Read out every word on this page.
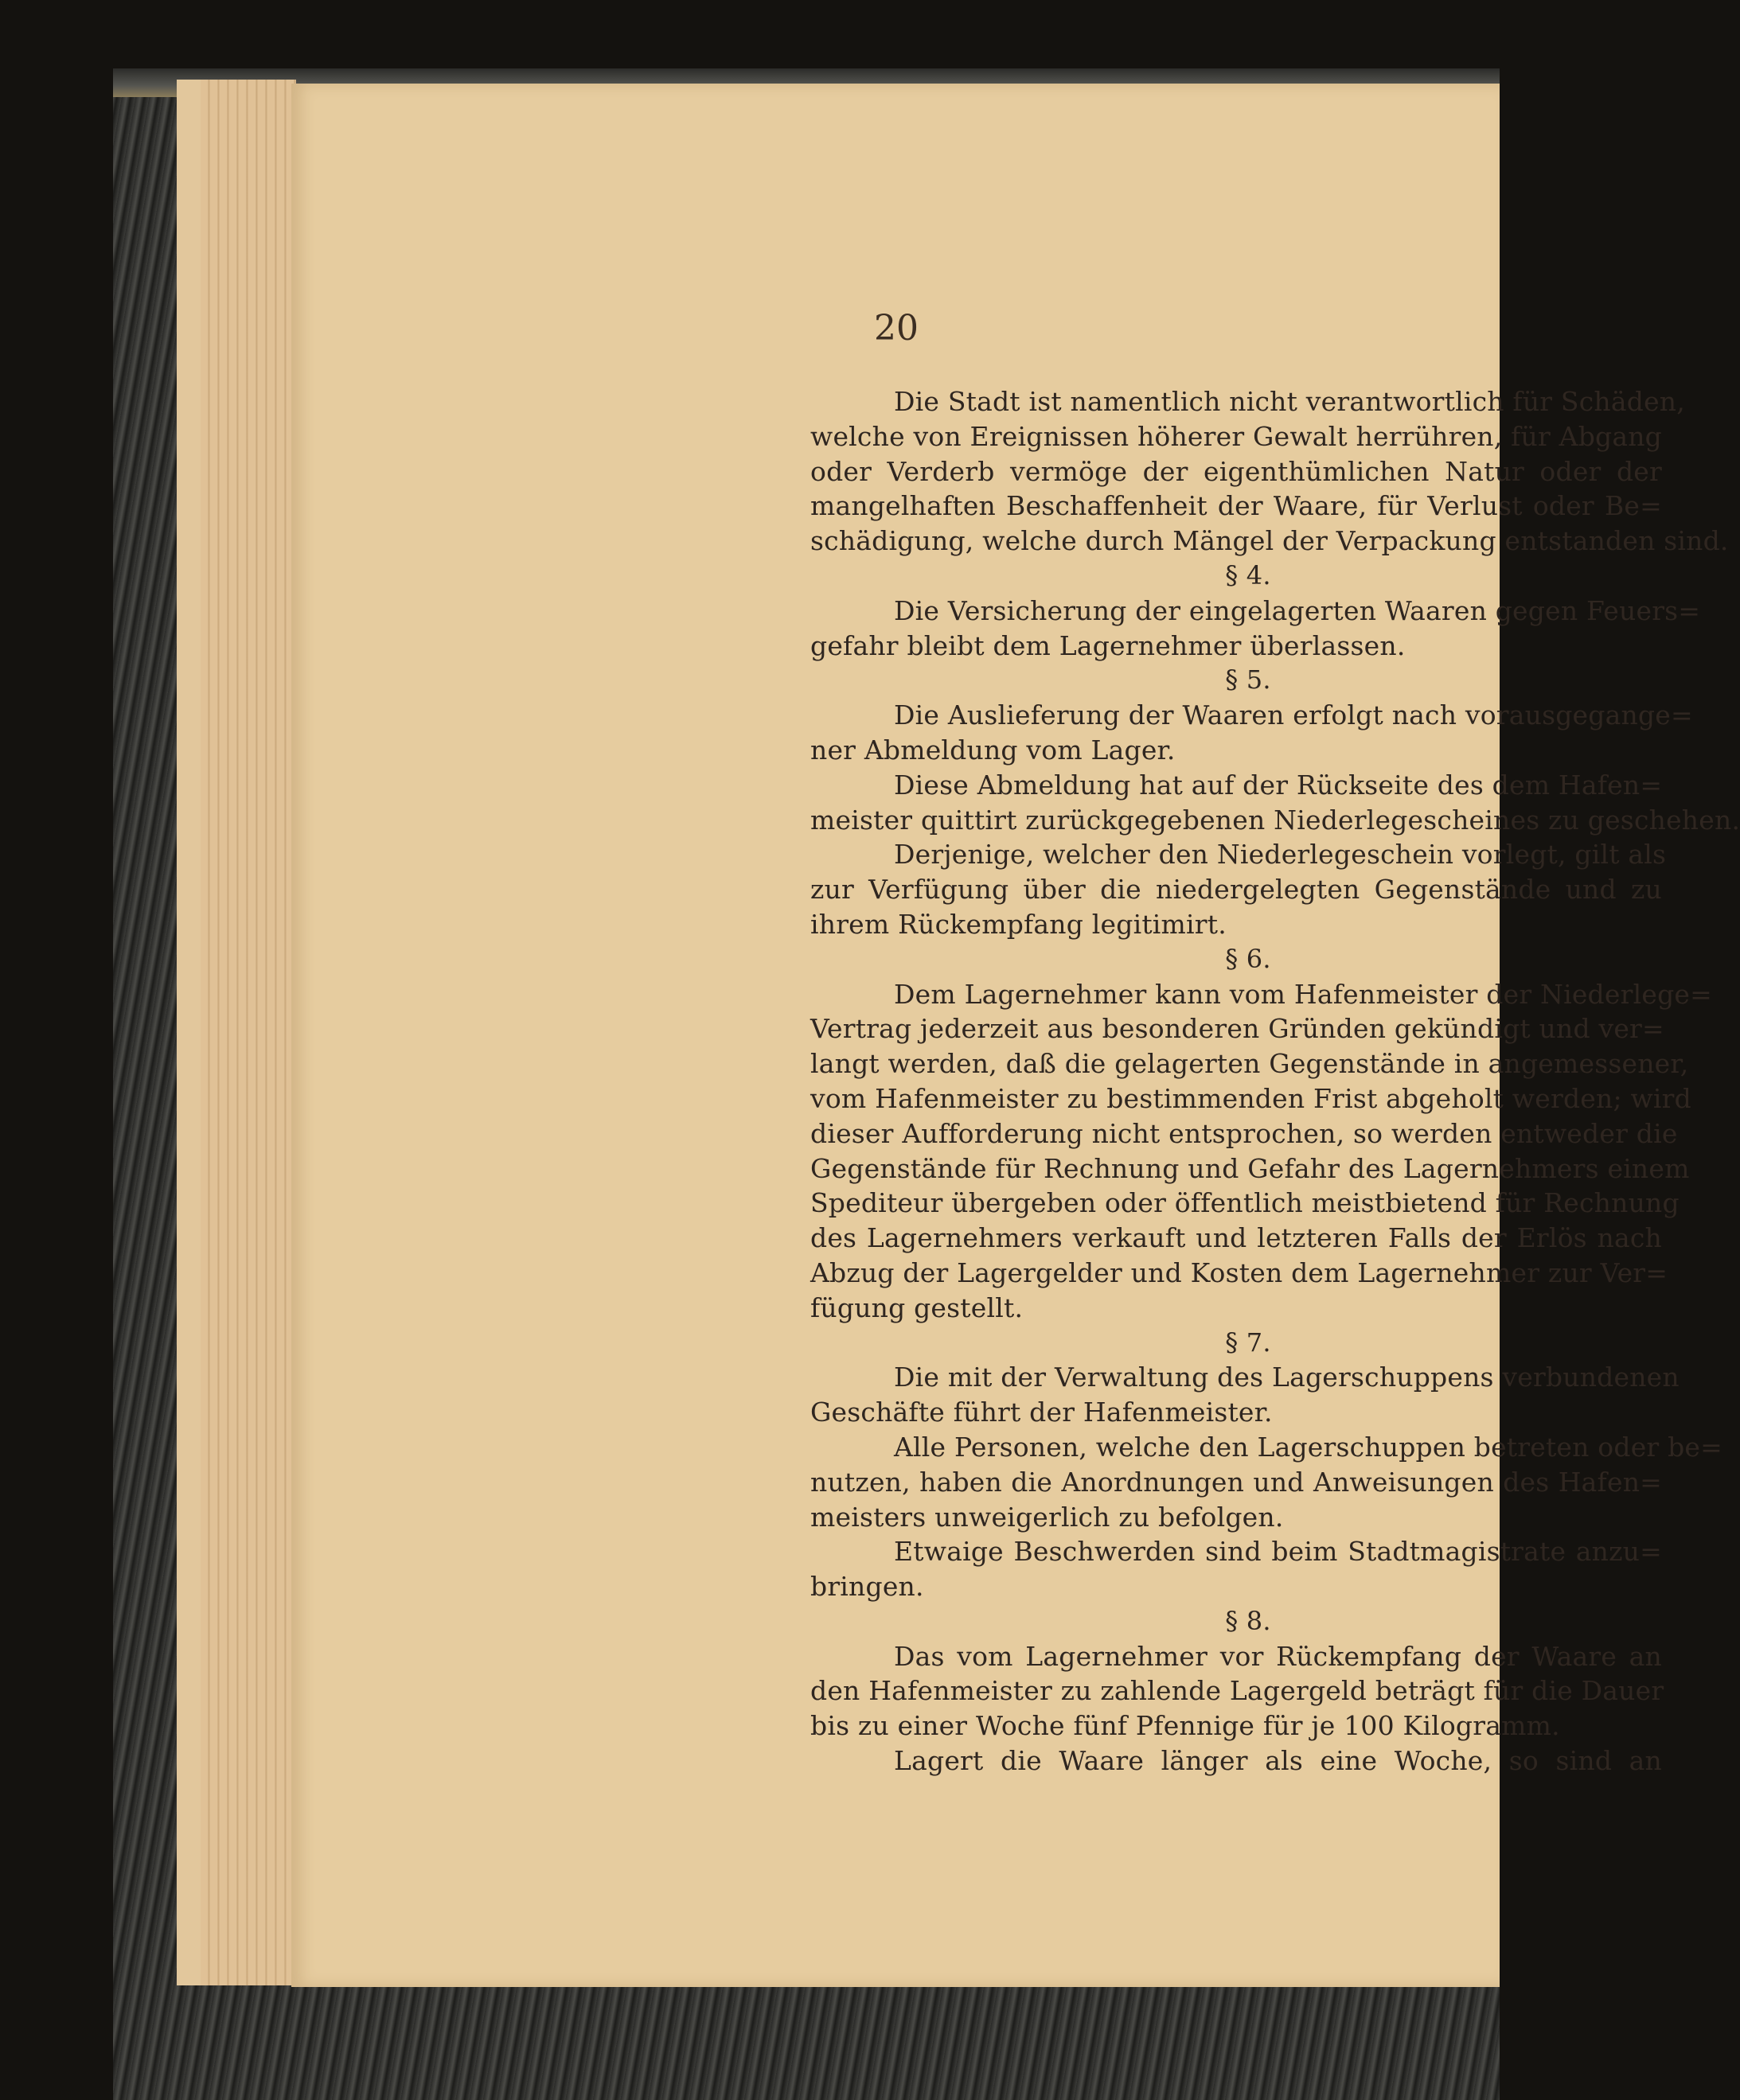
20
Die Stadt ist namentlich nicht verantwortlich für Schäden,
welche von Ereignissen höherer Gewalt herrühren, für Abgang
oder Verderb vermöge der eigenthümlichen Natur oder der
mangelhaften Beschaffenheit der Waare, für Verlust oder Be=
schädigung, welche durch Mängel der Verpackung entstanden sind.
§ 4.
Die Versicherung der eingelagerten Waaren gegen Feuers=
gefahr bleibt dem Lagernehmer überlassen.
§ 5.
Die Auslieferung der Waaren erfolgt nach vorausgegange=
ner Abmeldung vom Lager.
Diese Abmeldung hat auf der Rückseite des dem Hafen=
meister quittirt zurückgegebenen Niederlegescheines zu geschehen.
Derjenige, welcher den Niederlegeschein vorlegt, gilt als
zur Verfügung über die niedergelegten Gegenstände und zu
ihrem Rückempfang legitimirt.
§ 6.
Dem Lagernehmer kann vom Hafenmeister der Niederlege=
Vertrag jederzeit aus besonderen Gründen gekündigt und ver=
langt werden, daß die gelagerten Gegenstände in angemessener,
vom Hafenmeister zu bestimmenden Frist abgeholt werden; wird
dieser Aufforderung nicht entsprochen, so werden entweder die
Gegenstände für Rechnung und Gefahr des Lagernehmers einem
Spediteur übergeben oder öffentlich meistbietend für Rechnung
des Lagernehmers verkauft und letzteren Falls der Erlös nach
Abzug der Lagergelder und Kosten dem Lagernehmer zur Ver=
fügung gestellt.
§ 7.
Die mit der Verwaltung des Lagerschuppens verbundenen
Geschäfte führt der Hafenmeister.
Alle Personen, welche den Lagerschuppen betreten oder be=
nutzen, haben die Anordnungen und Anweisungen des Hafen=
meisters unweigerlich zu befolgen.
Etwaige Beschwerden sind beim Stadtmagistrate anzu=
bringen.
§ 8.
Das vom Lagernehmer vor Rückempfang der Waare an
den Hafenmeister zu zahlende Lagergeld beträgt für die Dauer
bis zu einer Woche fünf Pfennige für je 100 Kilogramm.
Lagert die Waare länger als eine Woche, so sind an
